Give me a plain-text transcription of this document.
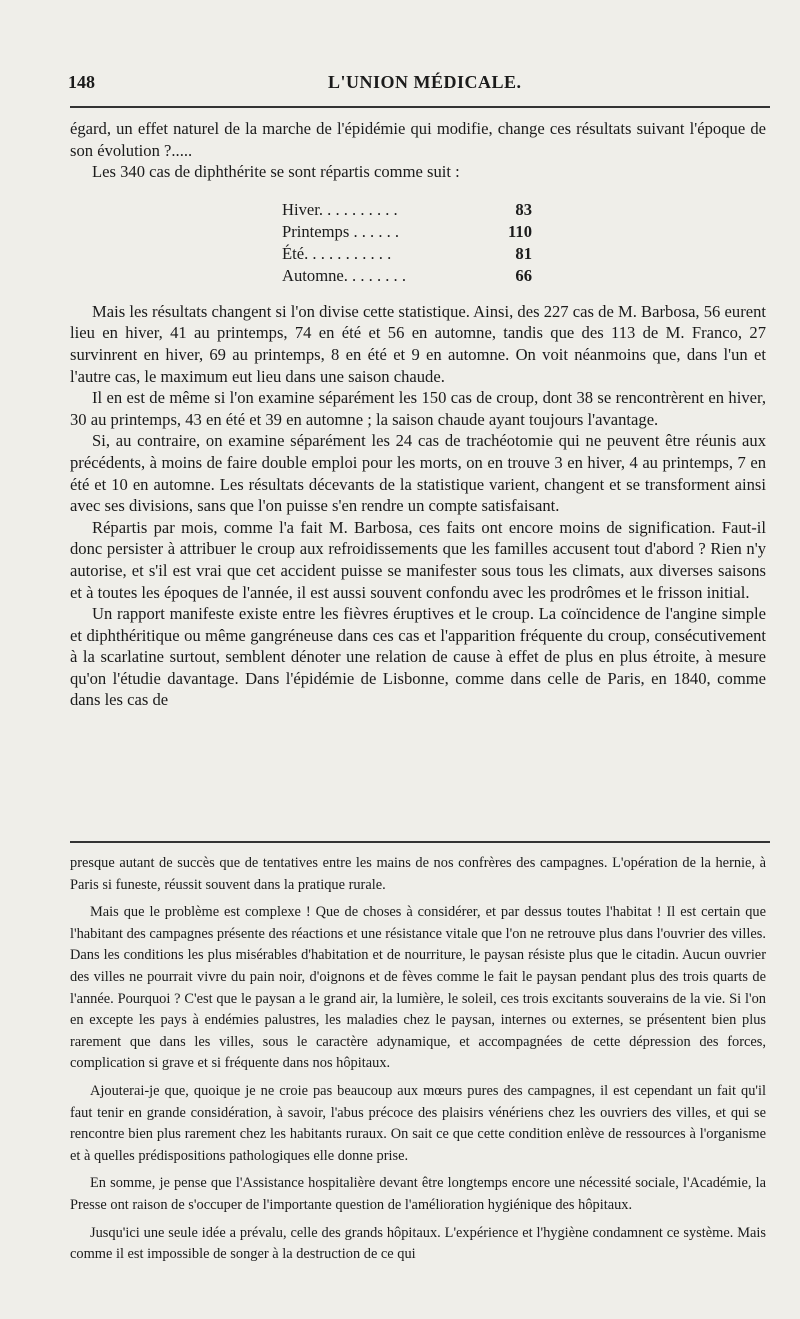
148	L'UNION MÉDICALE.

égard, un effet naturel de la marche de l'épidémie qui modifie, change ces résultats suivant l'époque de son évolution ?.....

Les 340 cas de diphthérite se sont répartis comme suit :

Hiver. . . . . . . . . .	83
Printemps . . . . . .	110
Été. . . . . . . . . . .	81
Automne. . . . . . . .	66

Mais les résultats changent si l'on divise cette statistique. Ainsi, des 227 cas de M. Barbosa, 56 eurent lieu en hiver, 41 au printemps, 74 en été et 56 en automne, tandis que des 113 de M. Franco, 27 survinrent en hiver, 69 au printemps, 8 en été et 9 en automne. On voit néanmoins que, dans l'un et l'autre cas, le maximum eut lieu dans une saison chaude.

Il en est de même si l'on examine séparément les 150 cas de croup, dont 38 se rencontrèrent en hiver, 30 au printemps, 43 en été et 39 en automne ; la saison chaude ayant toujours l'avantage.

Si, au contraire, on examine séparément les 24 cas de trachéotomie qui ne peuvent être réunis aux précédents, à moins de faire double emploi pour les morts, on en trouve 3 en hiver, 4 au printemps, 7 en été et 10 en automne. Les résultats décevants de la statistique varient, changent et se transforment ainsi avec ses divisions, sans que l'on puisse s'en rendre un compte satisfaisant.

Répartis par mois, comme l'a fait M. Barbosa, ces faits ont encore moins de signification. Faut-il donc persister à attribuer le croup aux refroidissements que les familles accusent tout d'abord ? Rien n'y autorise, et s'il est vrai que cet accident puisse se manifester sous tous les climats, aux diverses saisons et à toutes les époques de l'année, il est aussi souvent confondu avec les prodrômes et le frisson initial.

Un rapport manifeste existe entre les fièvres éruptives et le croup. La coïncidence de l'angine simple et diphthéritique ou même gangréneuse dans ces cas et l'apparition fréquente du croup, consécutivement à la scarlatine surtout, semblent dénoter une relation de cause à effet de plus en plus étroite, à mesure qu'on l'étudie davantage. Dans l'épidémie de Lisbonne, comme dans celle de Paris, en 1840, comme dans les cas de

presque autant de succès que de tentatives entre les mains de nos confrères des campagnes. L'opération de la hernie, à Paris si funeste, réussit souvent dans la pratique rurale.

Mais que le problème est complexe ! Que de choses à considérer, et par dessus toutes l'habitat ! Il est certain que l'habitant des campagnes présente des réactions et une résistance vitale que l'on ne retrouve plus dans l'ouvrier des villes. Dans les conditions les plus misérables d'habitation et de nourriture, le paysan résiste plus que le citadin. Aucun ouvrier des villes ne pourrait vivre du pain noir, d'oignons et de fèves comme le fait le paysan pendant plus des trois quarts de l'année. Pourquoi ? C'est que le paysan a le grand air, la lumière, le soleil, ces trois excitants souverains de la vie. Si l'on en excepte les pays à endémies palustres, les maladies chez le paysan, internes ou externes, se présentent bien plus rarement que dans les villes, sous le caractère adynamique, et accompagnées de cette dépression des forces, complication si grave et si fréquente dans nos hôpitaux.

Ajouterai-je que, quoique je ne croie pas beaucoup aux mœurs pures des campagnes, il est cependant un fait qu'il faut tenir en grande considération, à savoir, l'abus précoce des plaisirs vénériens chez les ouvriers des villes, et qui se rencontre bien plus rarement chez les habitants ruraux. On sait ce que cette condition enlève de ressources à l'organisme et à quelles prédispositions pathologiques elle donne prise.

En somme, je pense que l'Assistance hospitalière devant être longtemps encore une nécessité sociale, l'Académie, la Presse ont raison de s'occuper de l'importante question de l'amélioration hygiénique des hôpitaux.

Jusqu'ici une seule idée a prévalu, celle des grands hôpitaux. L'expérience et l'hygiène condamnent ce système. Mais comme il est impossible de songer à la destruction de ce qui
